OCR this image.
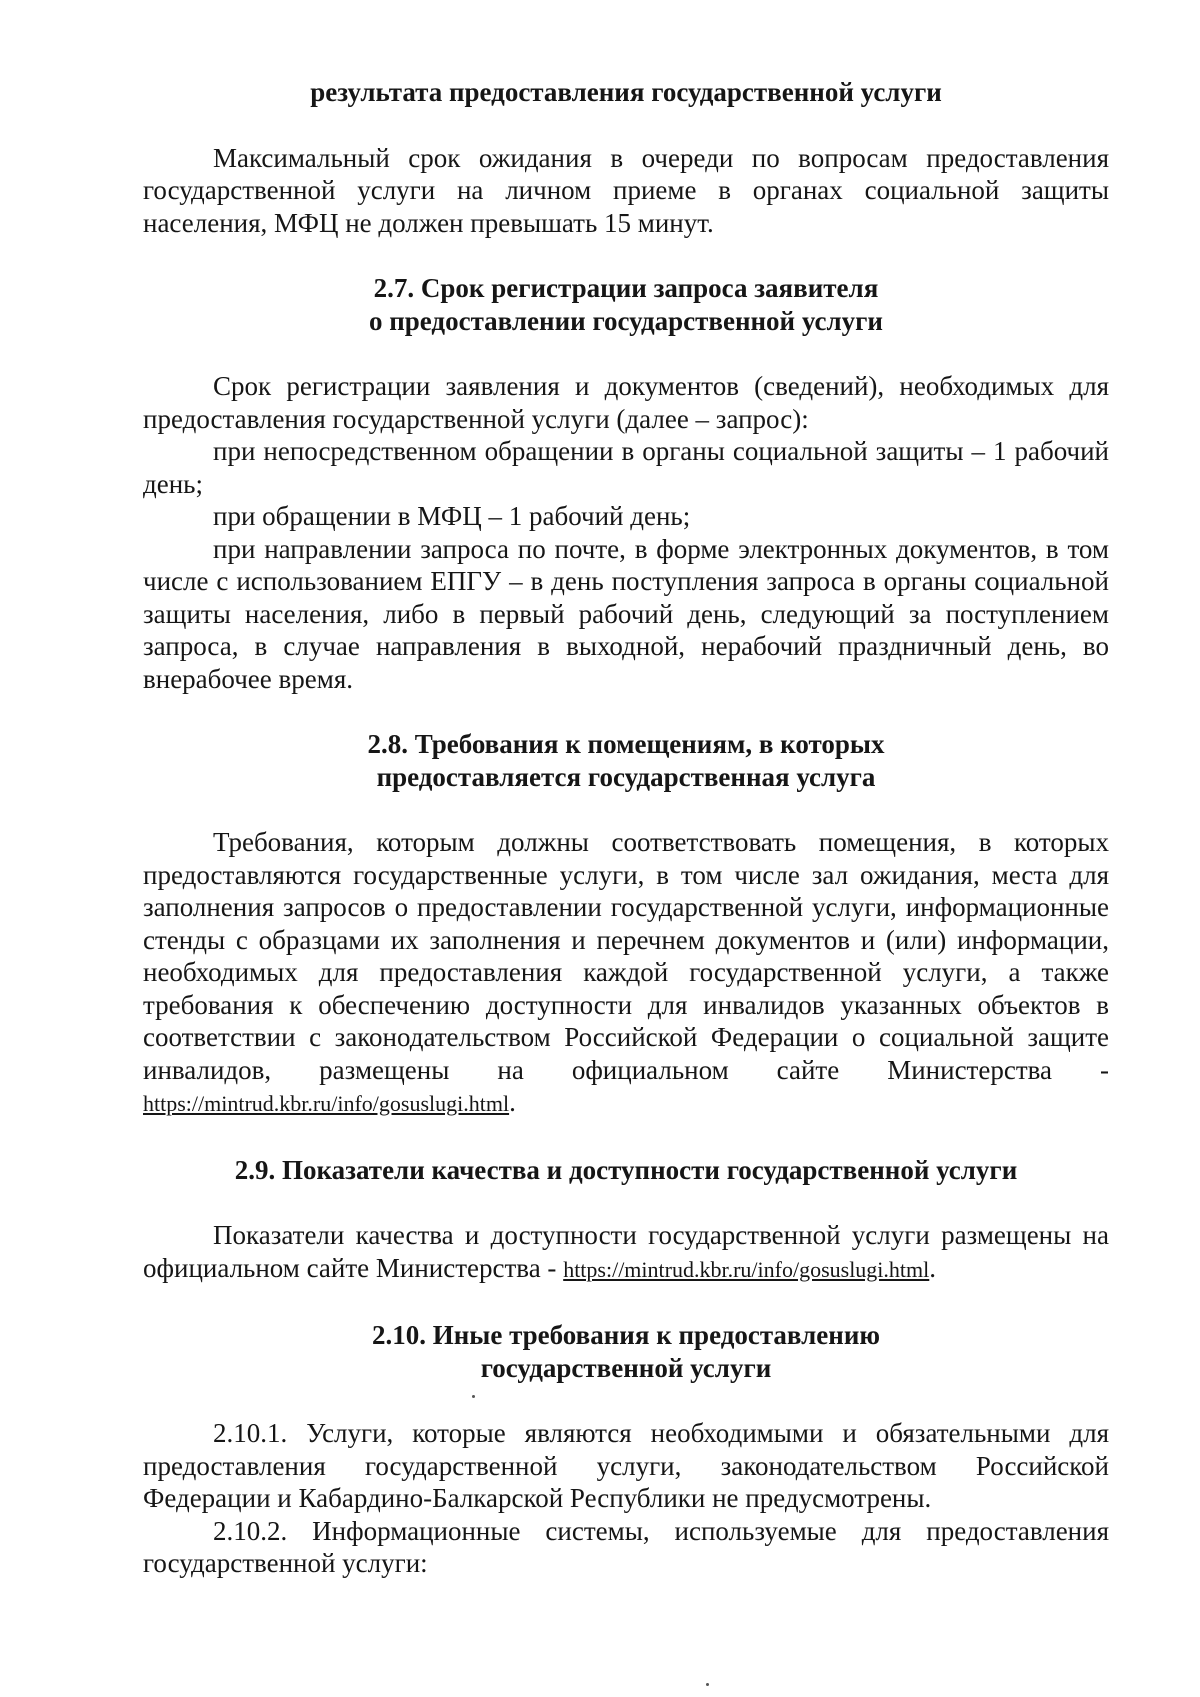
результата предоставления государственной услуги

Максимальный срок ожидания в очереди по вопросам предоставления государственной услуги на личном приеме в органах социальной защиты населения, МФЦ не должен превышать 15 минут.

2.7. Срок регистрации запроса заявителя
о предоставлении государственной услуги

Срок регистрации заявления и документов (сведений), необходимых для предоставления государственной услуги (далее – запрос):

при непосредственном обращении в органы социальной защиты – 1 рабочий день;

при обращении в МФЦ – 1 рабочий день;

при направлении запроса по почте, в форме электронных документов, в том числе с использованием ЕПГУ – в день поступления запроса в органы социальной защиты населения, либо в первый рабочий день, следующий за поступлением запроса, в случае направления в выходной, нерабочий праздничный день, во внерабочее время.

2.8. Требования к помещениям, в которых
предоставляется государственная услуга

Требования, которым должны соответствовать помещения, в которых предоставляются государственные услуги, в том числе зал ожидания, места для заполнения запросов о предоставлении государственной услуги, информационные стенды с образцами их заполнения и перечнем документов и (или) информации, необходимых для предоставления каждой государственной услуги, а также требования к обеспечению доступности для инвалидов указанных объектов в соответствии с законодательством Российской Федерации о социальной защите инвалидов, размещены на официальном сайте Министерства - https://mintrud.kbr.ru/info/gosuslugi.html.

2.9. Показатели качества и доступности государственной услуги

Показатели качества и доступности государственной услуги размещены на официальном сайте Министерства - https://mintrud.kbr.ru/info/gosuslugi.html.

2.10. Иные требования к предоставлению
государственной услуги

2.10.1. Услуги, которые являются необходимыми и обязательными для предоставления государственной услуги, законодательством Российской Федерации и Кабардино-Балкарской Республики не предусмотрены.

2.10.2. Информационные системы, используемые для предоставления государственной услуги:
